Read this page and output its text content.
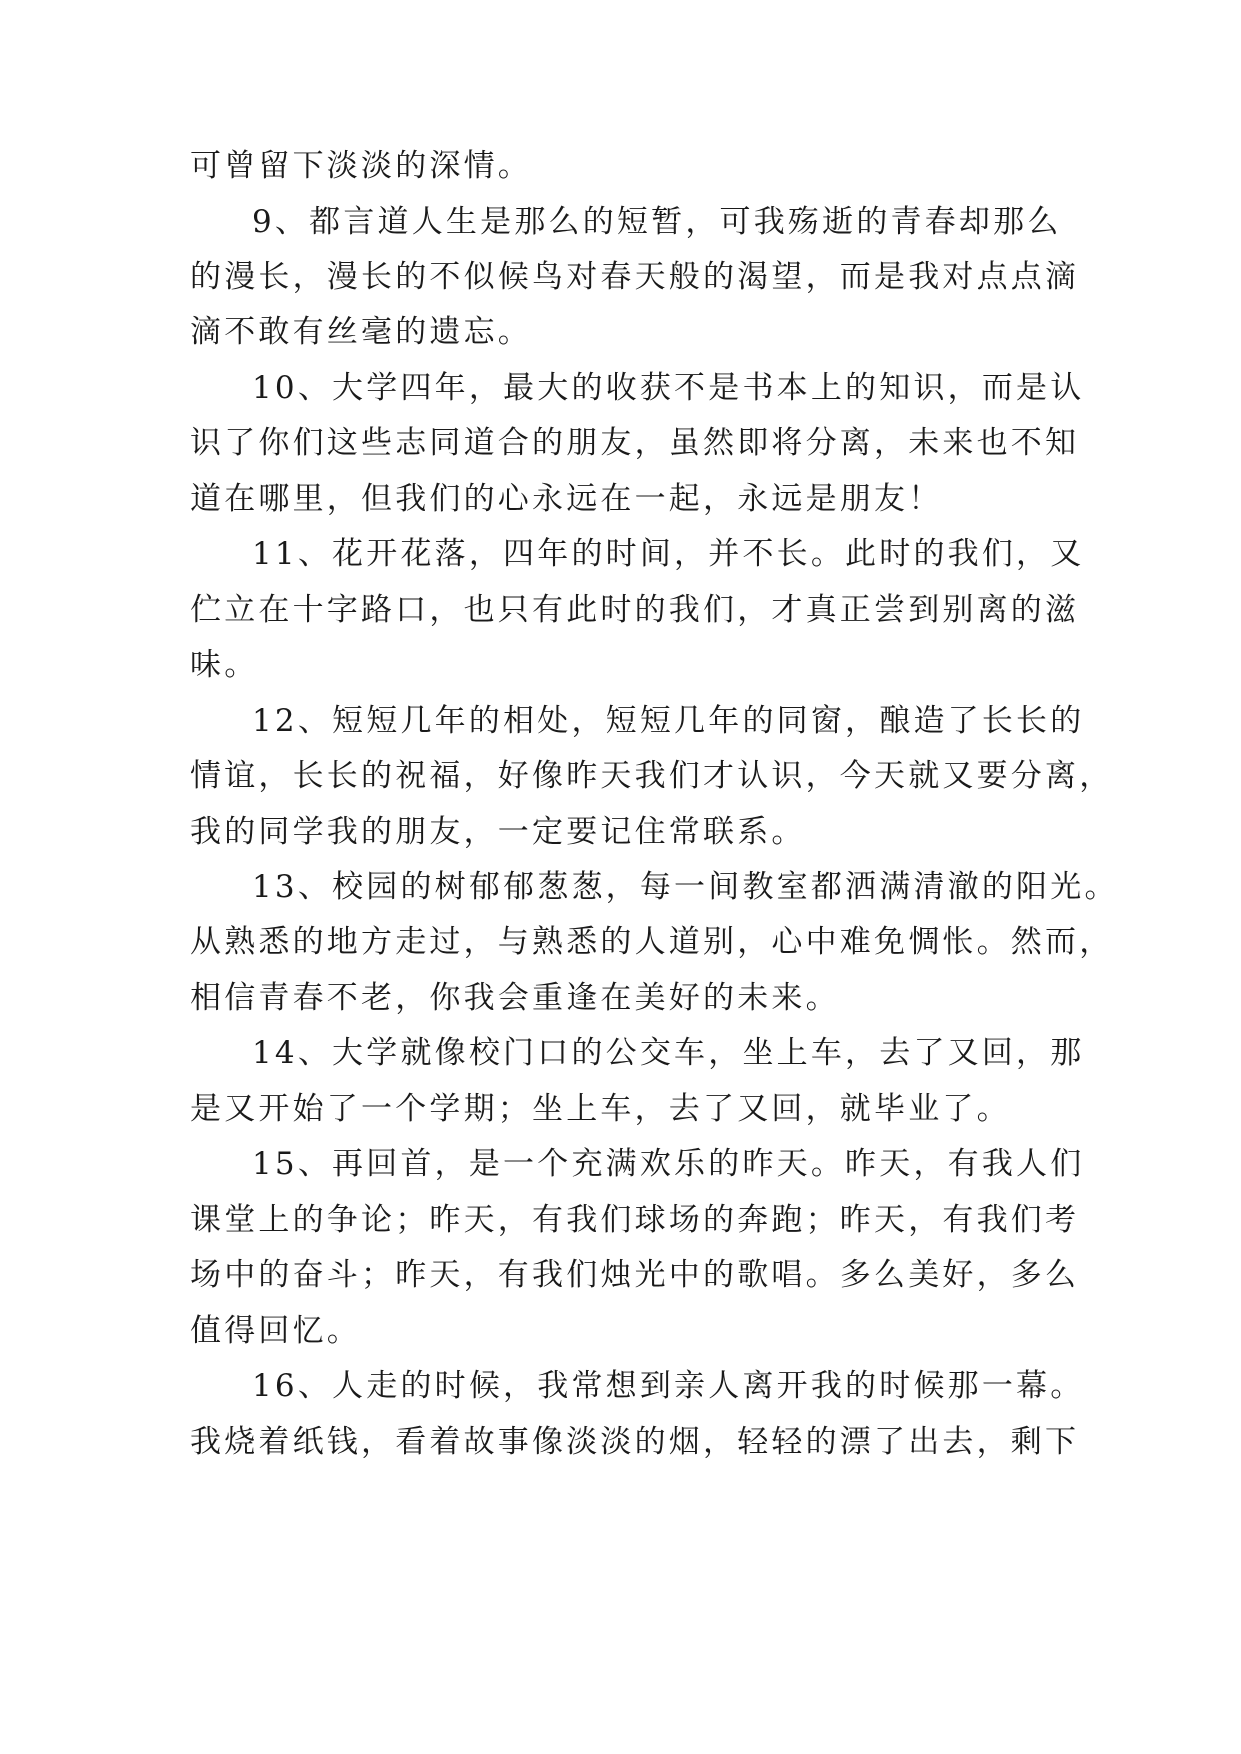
可曾留下淡淡的深情。
9、都言道人生是那么的短暂，可我殇逝的青春却那么
的漫长，漫长的不似候鸟对春天般的渴望，而是我对点点滴
滴不敢有丝毫的遗忘。
10、大学四年，最大的收获不是书本上的知识，而是认
识了你们这些志同道合的朋友，虽然即将分离，未来也不知
道在哪里，但我们的心永远在一起，永远是朋友！
11、花开花落，四年的时间，并不长。此时的我们，又
伫立在十字路口，也只有此时的我们，才真正尝到别离的滋
味。
12、短短几年的相处，短短几年的同窗，酿造了长长的
情谊，长长的祝福，好像昨天我们才认识，今天就又要分离，
我的同学我的朋友，一定要记住常联系。
13、校园的树郁郁葱葱，每一间教室都洒满清澈的阳光。
从熟悉的地方走过，与熟悉的人道别，心中难免惆怅。然而，
相信青春不老，你我会重逢在美好的未来。
14、大学就像校门口的公交车，坐上车，去了又回，那
是又开始了一个学期；坐上车，去了又回，就毕业了。
15、再回首，是一个充满欢乐的昨天。昨天，有我人们
课堂上的争论；昨天，有我们球场的奔跑；昨天，有我们考
场中的奋斗；昨天，有我们烛光中的歌唱。多么美好，多么
值得回忆。
16、人走的时候，我常想到亲人离开我的时候那一幕。
我烧着纸钱，看着故事像淡淡的烟，轻轻的漂了出去，剩下
